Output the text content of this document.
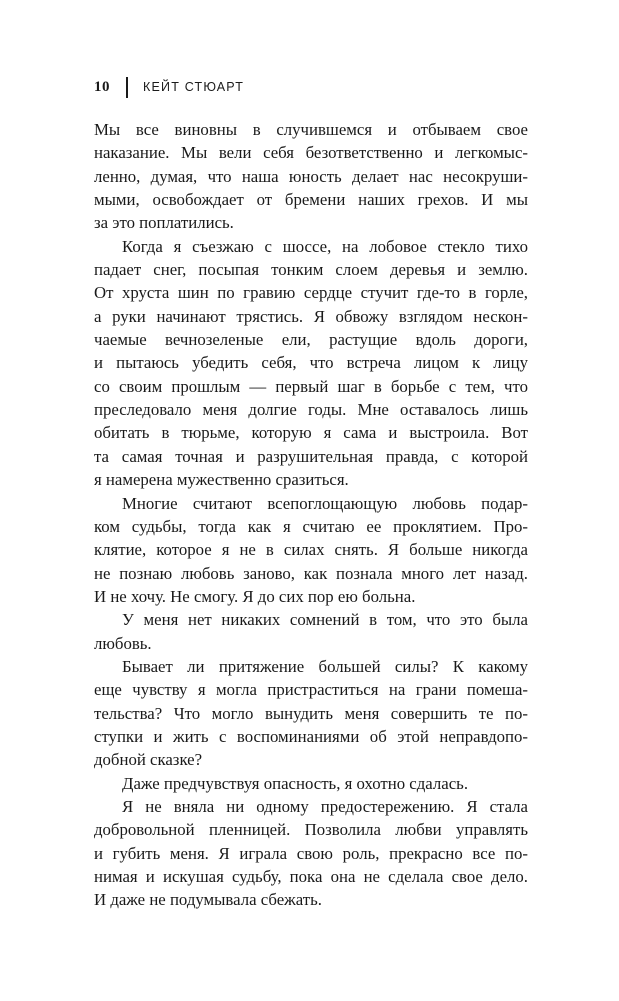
10	КЕЙТ СТЮАРТ
Мы все виновны в случившемся и отбываем свое
наказание. Мы вели себя безответственно и легкомыс-
ленно, думая, что наша юность делает нас несокруши-
мыми, освобождает от бремени наших грехов. И мы
за это поплатились.
Когда я съезжаю с шоссе, на лобовое стекло тихо
падает снег, посыпая тонким слоем деревья и землю.
От хруста шин по гравию сердце стучит где-то в горле,
а руки начинают трястись. Я обвожу взглядом нескон-
чаемые вечнозеленые ели, растущие вдоль дороги,
и пытаюсь убедить себя, что встреча лицом к лицу
со своим прошлым — первый шаг в борьбе с тем, что
преследовало меня долгие годы. Мне оставалось лишь
обитать в тюрьме, которую я сама и выстроила. Вот
та самая точная и разрушительная правда, с которой
я намерена мужественно сразиться.
Многие считают всепоглощающую любовь подар-
ком судьбы, тогда как я считаю ее проклятием. Про-
клятие, которое я не в силах снять. Я больше никогда
не познаю любовь заново, как познала много лет назад.
И не хочу. Не смогу. Я до сих пор ею больна.
У меня нет никаких сомнений в том, что это была
любовь.
Бывает ли притяжение большей силы? К какому
еще чувству я могла пристраститься на грани помеша-
тельства? Что могло вынудить меня совершить те по-
ступки и жить с воспоминаниями об этой неправдопо-
добной сказке?
Даже предчувствуя опасность, я охотно сдалась.
Я не вняла ни одному предостережению. Я стала
добровольной пленницей. Позволила любви управлять
и губить меня. Я играла свою роль, прекрасно все по-
нимая и искушая судьбу, пока она не сделала свое дело.
И даже не подумывала сбежать.
